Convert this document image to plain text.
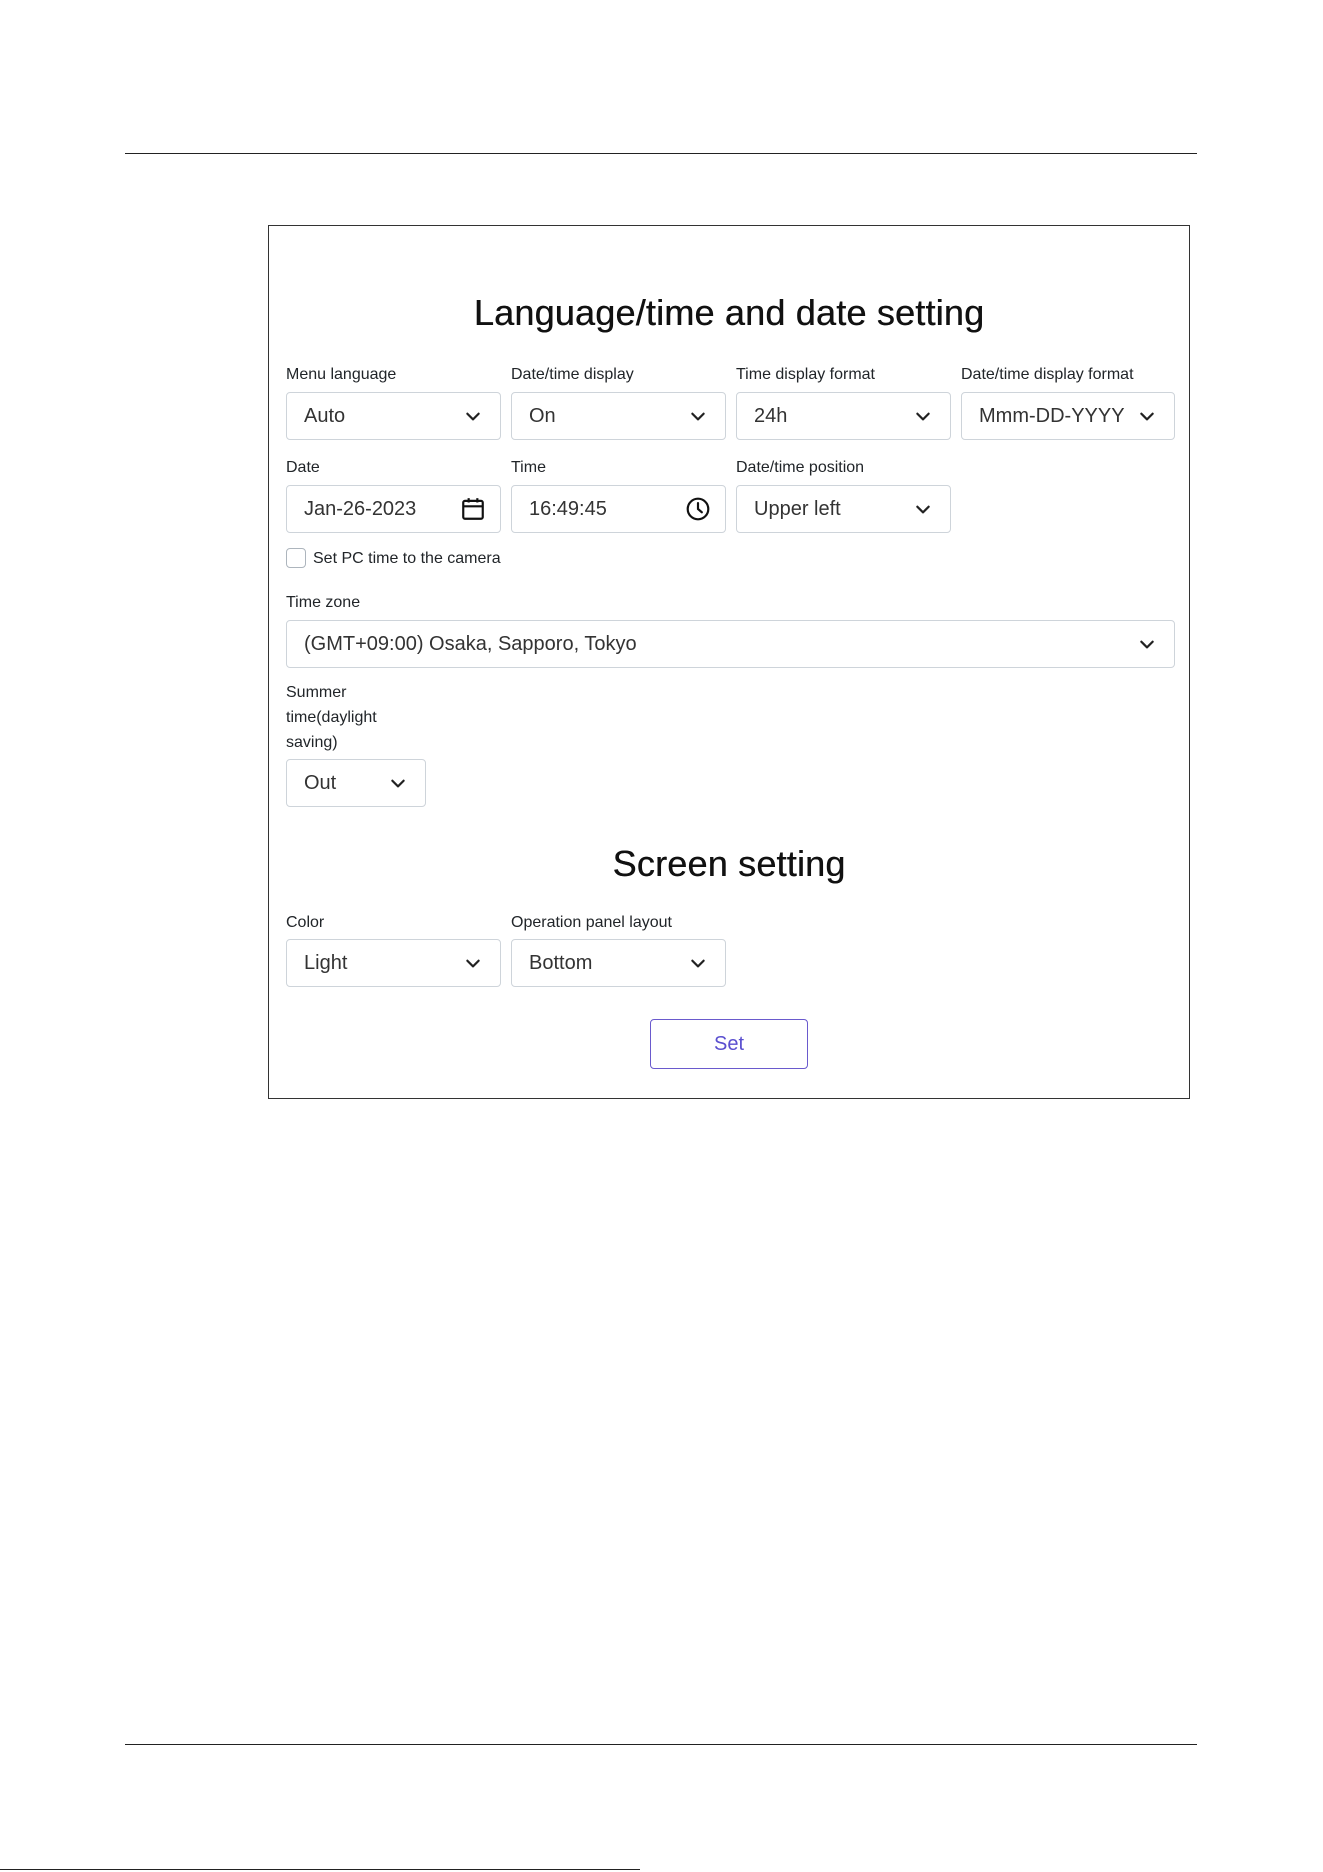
Language/time and date setting
Menu language
Auto
Date/time display
On
Time display format
24h
Date/time display format
Mmm-DD-YYYY
Date
Jan-26-2023
Time
16:49:45
Date/time position
Upper left
Set PC time to the camera
Time zone
(GMT+09:00) Osaka, Sapporo, Tokyo
Summer
time(daylight
saving)
Out
Screen setting
Color
Light
Operation panel layout
Bottom
Set
